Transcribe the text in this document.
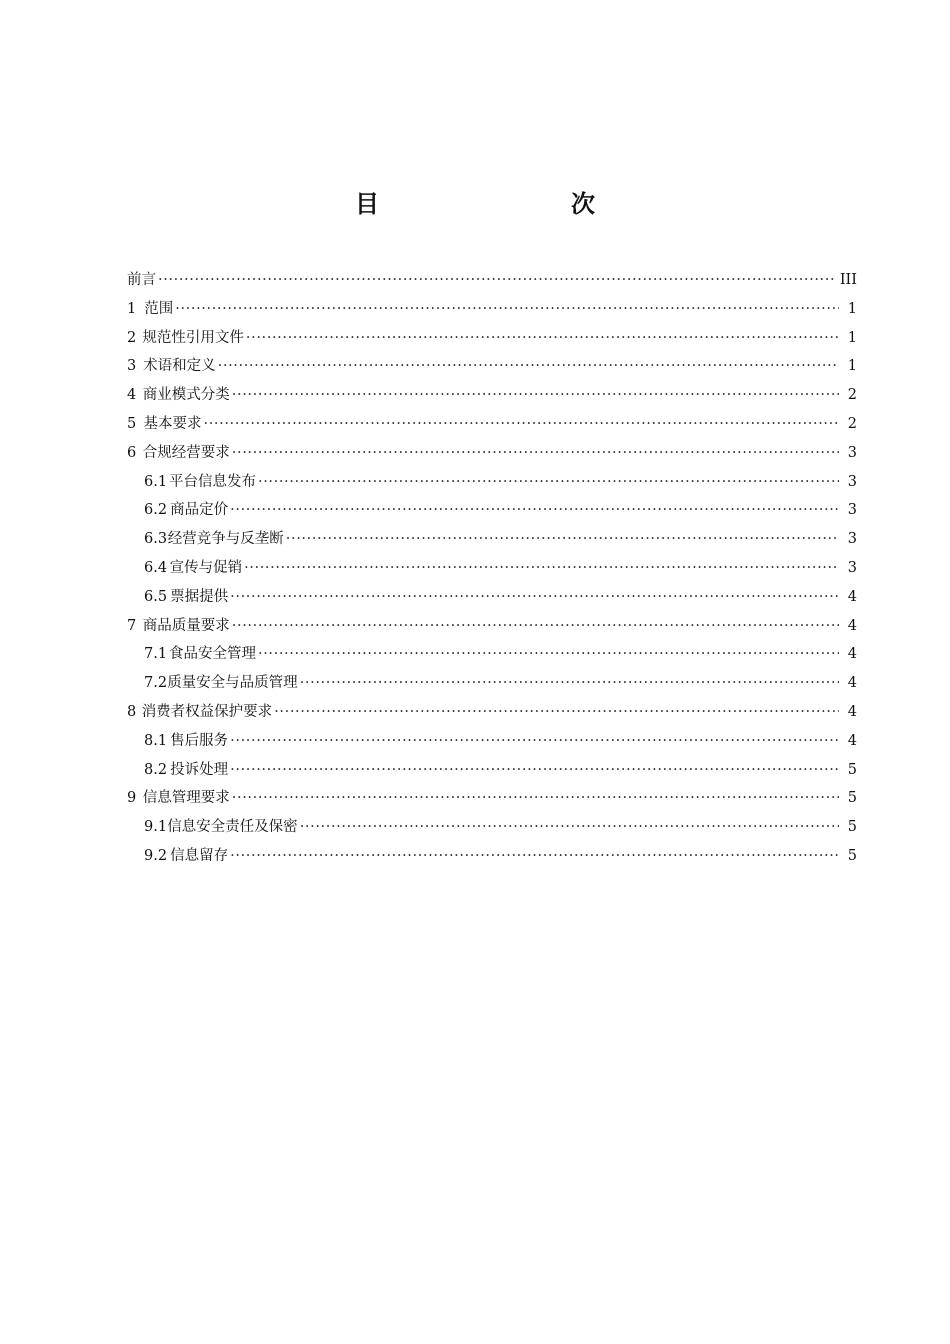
目　　次
前言 ·····	III
1 范围 ·····	1
2 规范性引用文件 ·····	1
3 术语和定义 ·····	1
4 商业模式分类 ·····	2
5 基本要求 ·····	2
6 合规经营要求 ·····	3
6.1 平台信息发布 ·····	3
6.2 商品定价 ·····	3
6.3 经营竞争与反垄断 ·····	3
6.4 宣传与促销 ·····	3
6.5 票据提供 ·····	4
7 商品质量要求 ·····	4
7.1 食品安全管理 ·····	4
7.2 质量安全与品质管理 ·····	4
8 消费者权益保护要求 ·····	4
8.1 售后服务 ·····	4
8.2 投诉处理 ·····	5
9 信息管理要求 ·····	5
9.1 信息安全责任及保密 ·····	5
9.2 信息留存 ·····	5
